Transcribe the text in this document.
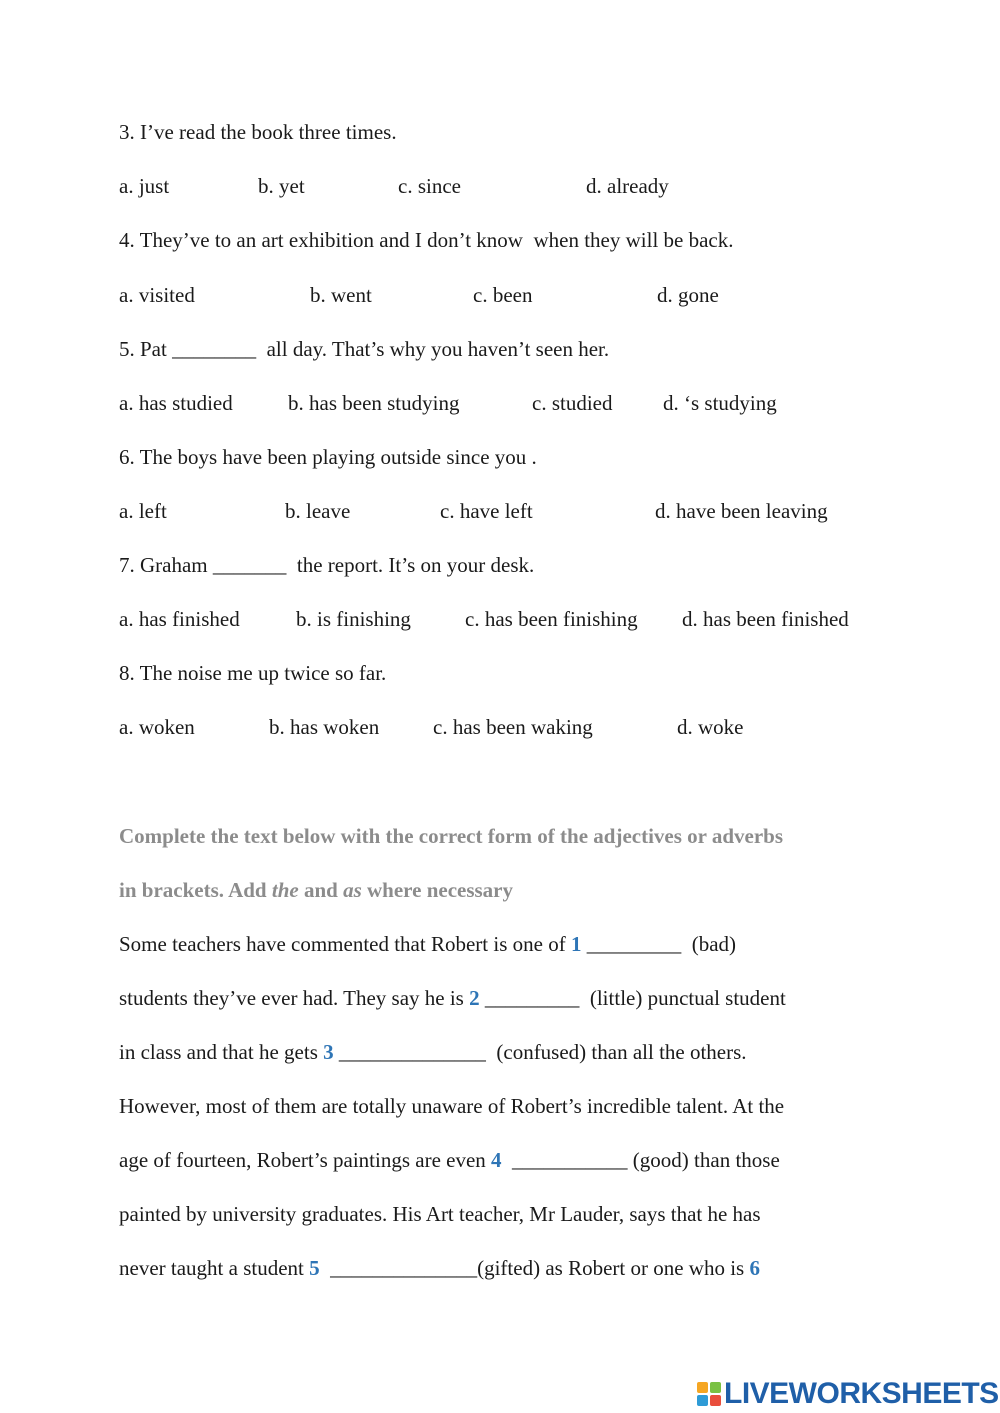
3. I’ve read the book three times.
a. just	b. yet	c. since	d. already
4. They’ve to an art exhibition and I don’t know  when they will be back.
a. visited	b. went	c. been	d. gone
5. Pat ________  all day. That’s why you haven’t seen her.
a. has studied	b. has been studying	c. studied d. ‘s studying
6. The boys have been playing outside since you .
a. left	b. leave	c. have left	d. have been leaving
7. Graham _______  the report. It’s on your desk.
a. has finished	b. is finishing	c. has been finishing d. has been finished
8. The noise me up twice so far.
a. woken	b. has woken	c. has been waking	d. woke
Complete the text below with the correct form of the adjectives or adverbs
in brackets. Add the and as where necessary
Some teachers have commented that Robert is one of 1 _________  (bad)
students they’ve ever had. They say he is 2 _________  (little) punctual student
in class and that he gets 3 ______________  (confused) than all the others.
However, most of them are totally unaware of Robert’s incredible talent. At the
age of fourteen, Robert’s paintings are even 4  ___________ (good) than those
painted by university graduates. His Art teacher, Mr Lauder, says that he has
never taught a student 5  ______________(gifted) as Robert or one who is 6
LIVEWORKSHEETS
